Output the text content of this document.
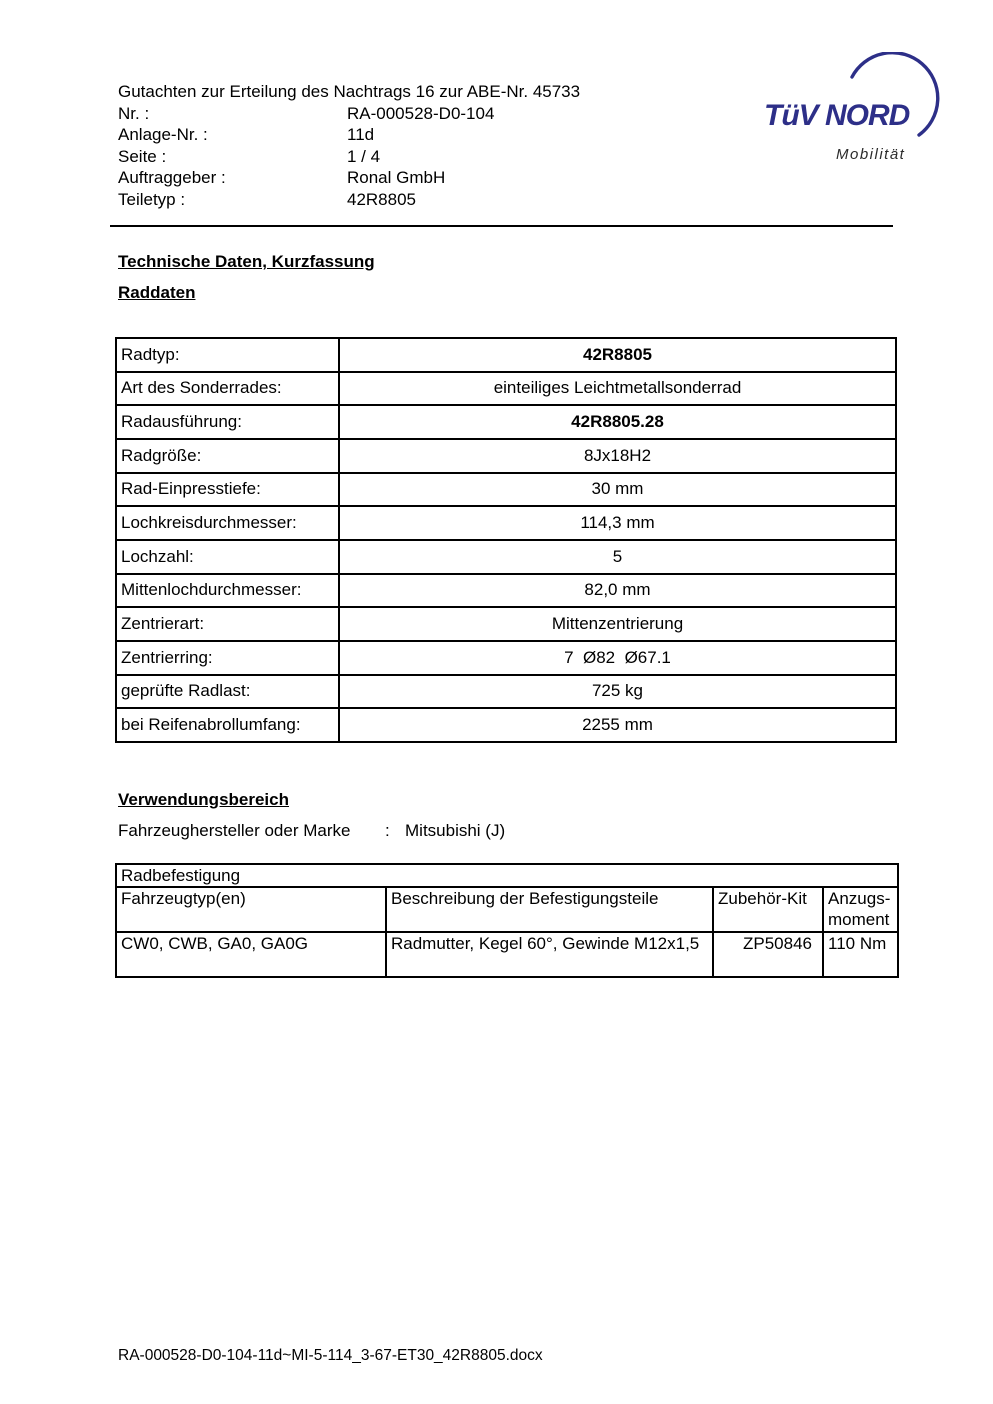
Gutachten zur Erteilung des Nachtrags 16 zur ABE-Nr. 45733
Nr. :	RA-000528-D0-104
Anlage-Nr. :	11d
Seite :	1 / 4
Auftraggeber :	Ronal GmbH
Teiletyp :	42R8805
TüV NORD
Mobilität
Technische Daten, Kurzfassung
Raddaten
Radtyp:	42R8805
Art des Sonderrades:	einteiliges Leichtmetallsonderrad
Radausführung:	42R8805.28
Radgröße:	8Jx18H2
Rad-Einpresstiefe:	30 mm
Lochkreisdurchmesser:	114,3 mm
Lochzahl:	5
Mittenlochdurchmesser:	82,0 mm
Zentrierart:	Mittenzentrierung
Zentrierring:	7  Ø82  Ø67.1
geprüfte Radlast:	725 kg
bei Reifenabrollumfang:	2255 mm
Verwendungsbereich
Fahrzeughersteller oder Marke	: Mitsubishi (J)
Radbefestigung			
Fahrzeugtyp(en)	Beschreibung der Befestigungsteile	Zubehör-Kit	Anzugs-moment
CW0, CWB, GA0, GA0G	Radmutter, Kegel 60°, Gewinde M12x1,5	ZP50846	110 Nm
RA-000528-D0-104-11d~MI-5-114_3-67-ET30_42R8805.docx
